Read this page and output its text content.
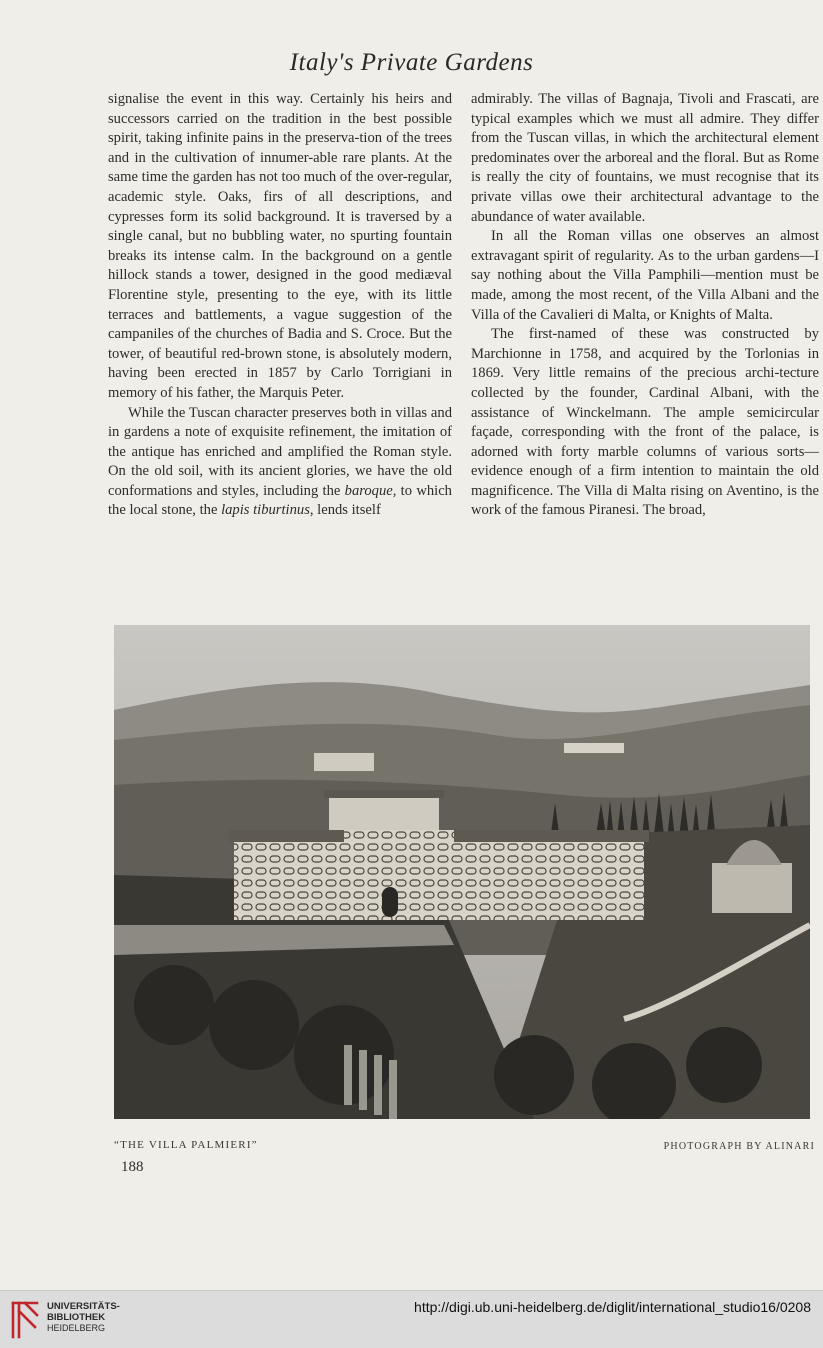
Italy's Private Gardens

signalise the event in this way. Certainly his heirs and successors carried on the tradition in the best possible spirit, taking infinite pains in the preserva-tion of the trees and in the cultivation of innumer-able rare plants. At the same time the garden has not too much of the over-regular, academic style. Oaks, firs of all descriptions, and cypresses form its solid background. It is traversed by a single canal, but no bubbling water, no spurting fountain breaks its intense calm. In the background on a gentle hillock stands a tower, designed in the good mediæval Florentine style, presenting to the eye, with its little terraces and battlements, a vague suggestion of the campaniles of the churches of Badia and S. Croce. But the tower, of beautiful red-brown stone, is absolutely modern, having been erected in 1857 by Carlo Torrigiani in memory of his father, the Marquis Peter.

While the Tuscan character preserves both in villas and in gardens a note of exquisite refinement, the imitation of the antique has enriched and amplified the Roman style. On the old soil, with its ancient glories, we have the old conformations and styles, including the baroque, to which the local stone, the lapis tiburtinus, lends itself

admirably. The villas of Bagnaja, Tivoli and Frascati, are typical examples which we must all admire. They differ from the Tuscan villas, in which the architectural element predominates over the arboreal and the floral. But as Rome is really the city of fountains, we must recognise that its private villas owe their architectural advantage to the abundance of water available.

In all the Roman villas one observes an almost extravagant spirit of regularity. As to the urban gardens—I say nothing about the Villa Pamphili—mention must be made, among the most recent, of the Villa Albani and the Villa of the Cavalieri di Malta, or Knights of Malta.

The first-named of these was constructed by Marchionne in 1758, and acquired by the Torlonias in 1869. Very little remains of the precious archi-tecture collected by the founder, Cardinal Albani, with the assistance of Winckelmann. The ample semicircular façade, corresponding with the front of the palace, is adorned with forty marble columns of various sorts—evidence enough of a firm intention to maintain the old magnificence. The Villa di Malta rising on Aventino, is the work of the famous Piranesi. The broad,

“THE VILLA PALMIERI”	PHOTOGRAPH BY ALINARI
188
UNIVERSITÄTS-
BIBLIOTHEK
HEIDELBERG
http://digi.ub.uni-heidelberg.de/diglit/international_studio16/0208
